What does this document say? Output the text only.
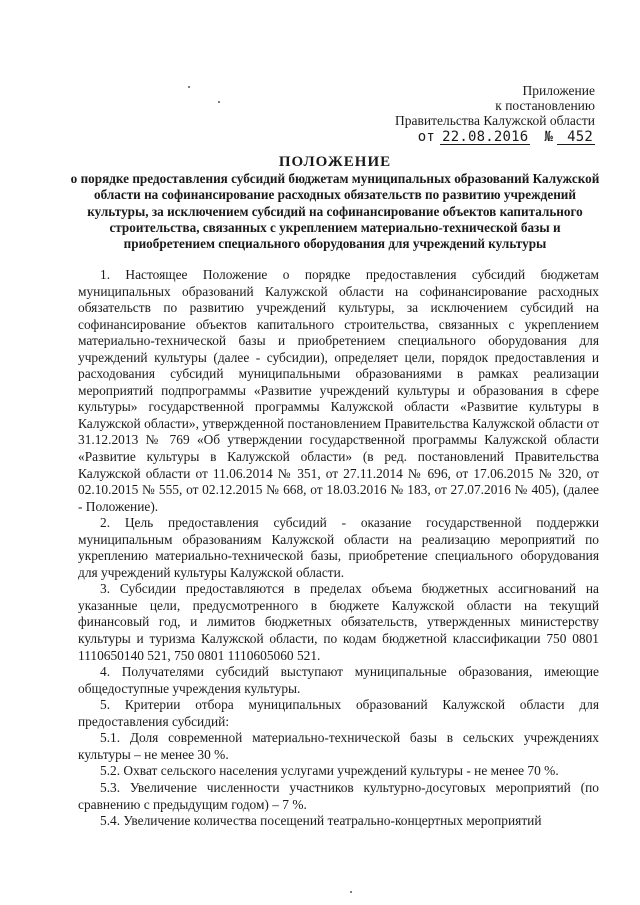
Приложение
к постановлению
Правительства Калужской области
от 22.08.2016 №	452
ПОЛОЖЕНИЕ
о порядке предоставления субсидий бюджетам муниципальных образований Калужской области на софинансирование расходных обязательств по развитию учреждений культуры, за исключением субсидий на софинансирование объектов капитального строительства, связанных с укреплением материально-технической базы и приобретением специального оборудования для учреждений культуры

1. Настоящее Положение о порядке предоставления субсидий бюджетам муниципальных образований Калужской области на софинансирование расходных обязательств по развитию учреждений культуры, за исключением субсидий на софинансирование объектов капитального строительства, связанных с укреплением материально-технической базы и приобретением специального оборудования для учреждений культуры (далее - субсидии), определяет цели, порядок предоставления и расходования субсидий муниципальными образованиями в рамках реализации мероприятий подпрограммы «Развитие учреждений культуры и образования в сфере культуры» государственной программы Калужской области «Развитие культуры в Калужской области», утвержденной постановлением Правительства Калужской области от 31.12.2013 № 769 «Об утверждении государственной программы Калужской области «Развитие культуры в Калужской области» (в ред. постановлений Правительства Калужской области от 11.06.2014 № 351, от 27.11.2014 № 696, от 17.06.2015 № 320, от 02.10.2015 № 555, от 02.12.2015 № 668, от 18.03.2016 № 183, от 27.07.2016 № 405), (далее - Положение).

2. Цель предоставления субсидий - оказание государственной поддержки муниципальным образованиям Калужской области на реализацию мероприятий по укреплению материально-технической базы, приобретение специального оборудования для учреждений культуры Калужской области.

3. Субсидии предоставляются в пределах объема бюджетных ассигнований на указанные цели, предусмотренного в бюджете Калужской области на текущий финансовый год, и лимитов бюджетных обязательств, утвержденных министерству культуры и туризма Калужской области, по кодам бюджетной классификации 750 0801 1110650140 521, 750 0801 1110605060 521.

4. Получателями субсидий выступают муниципальные образования, имеющие общедоступные учреждения культуры.

5. Критерии отбора муниципальных образований Калужской области для предоставления субсидий:

5.1. Доля современной материально-технической базы в сельских учреждениях культуры – не менее 30 %.

5.2. Охват сельского населения услугами учреждений культуры - не менее 70 %.

5.3. Увеличение численности участников культурно-досуговых мероприятий (по сравнению с предыдущим годом) – 7 %.

5.4. Увеличение количества посещений театрально-концертных мероприятий
